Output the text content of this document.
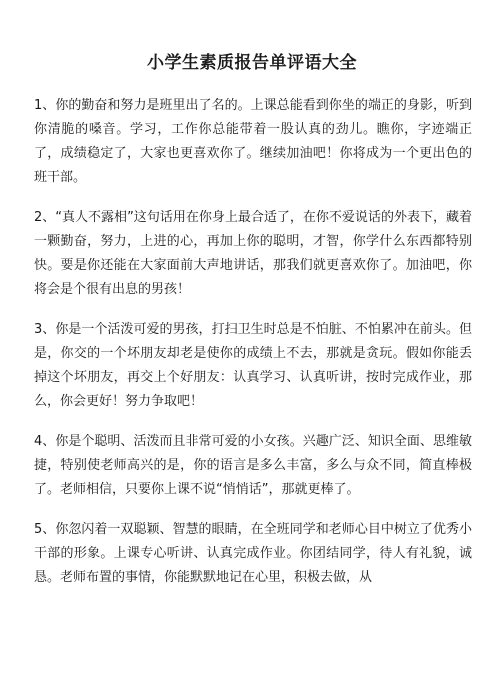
小学生素质报告单评语大全

1、你的勤奋和努力是班里出了名的。上课总能看到你坐的端正的身影，听到你清脆的嗓音。学习，工作你总能带着一股认真的劲儿。瞧你，字迹端正了，成绩稳定了，大家也更喜欢你了。继续加油吧！你将成为一个更出色的班干部。

2、“真人不露相”这句话用在你身上最合适了，在你不爱说话的外表下，藏着一颗勤奋，努力，上进的心，再加上你的聪明，才智，你学什么东西都特别快。要是你还能在大家面前大声地讲话，那我们就更喜欢你了。加油吧，你将会是个很有出息的男孩！

3、你是一个活泼可爱的男孩，打扫卫生时总是不怕脏、不怕累冲在前头。但是，你交的一个坏朋友却老是使你的成绩上不去，那就是贪玩。假如你能丢掉这个坏朋友，再交上个好朋友：认真学习、认真听讲，按时完成作业，那么，你会更好！努力争取吧！

4、你是个聪明、活泼而且非常可爱的小女孩。兴趣广泛、知识全面、思维敏捷，特别使老师高兴的是，你的语言是多么丰富，多么与众不同，简直棒极了。老师相信，只要你上课不说“悄悄话”，那就更棒了。

5、你忽闪着一双聪颖、智慧的眼睛，在全班同学和老师心目中树立了优秀小干部的形象。上课专心听讲、认真完成作业。你团结同学，待人有礼貌，诚恳。老师布置的事情，你能默默地记在心里，积极去做，从
